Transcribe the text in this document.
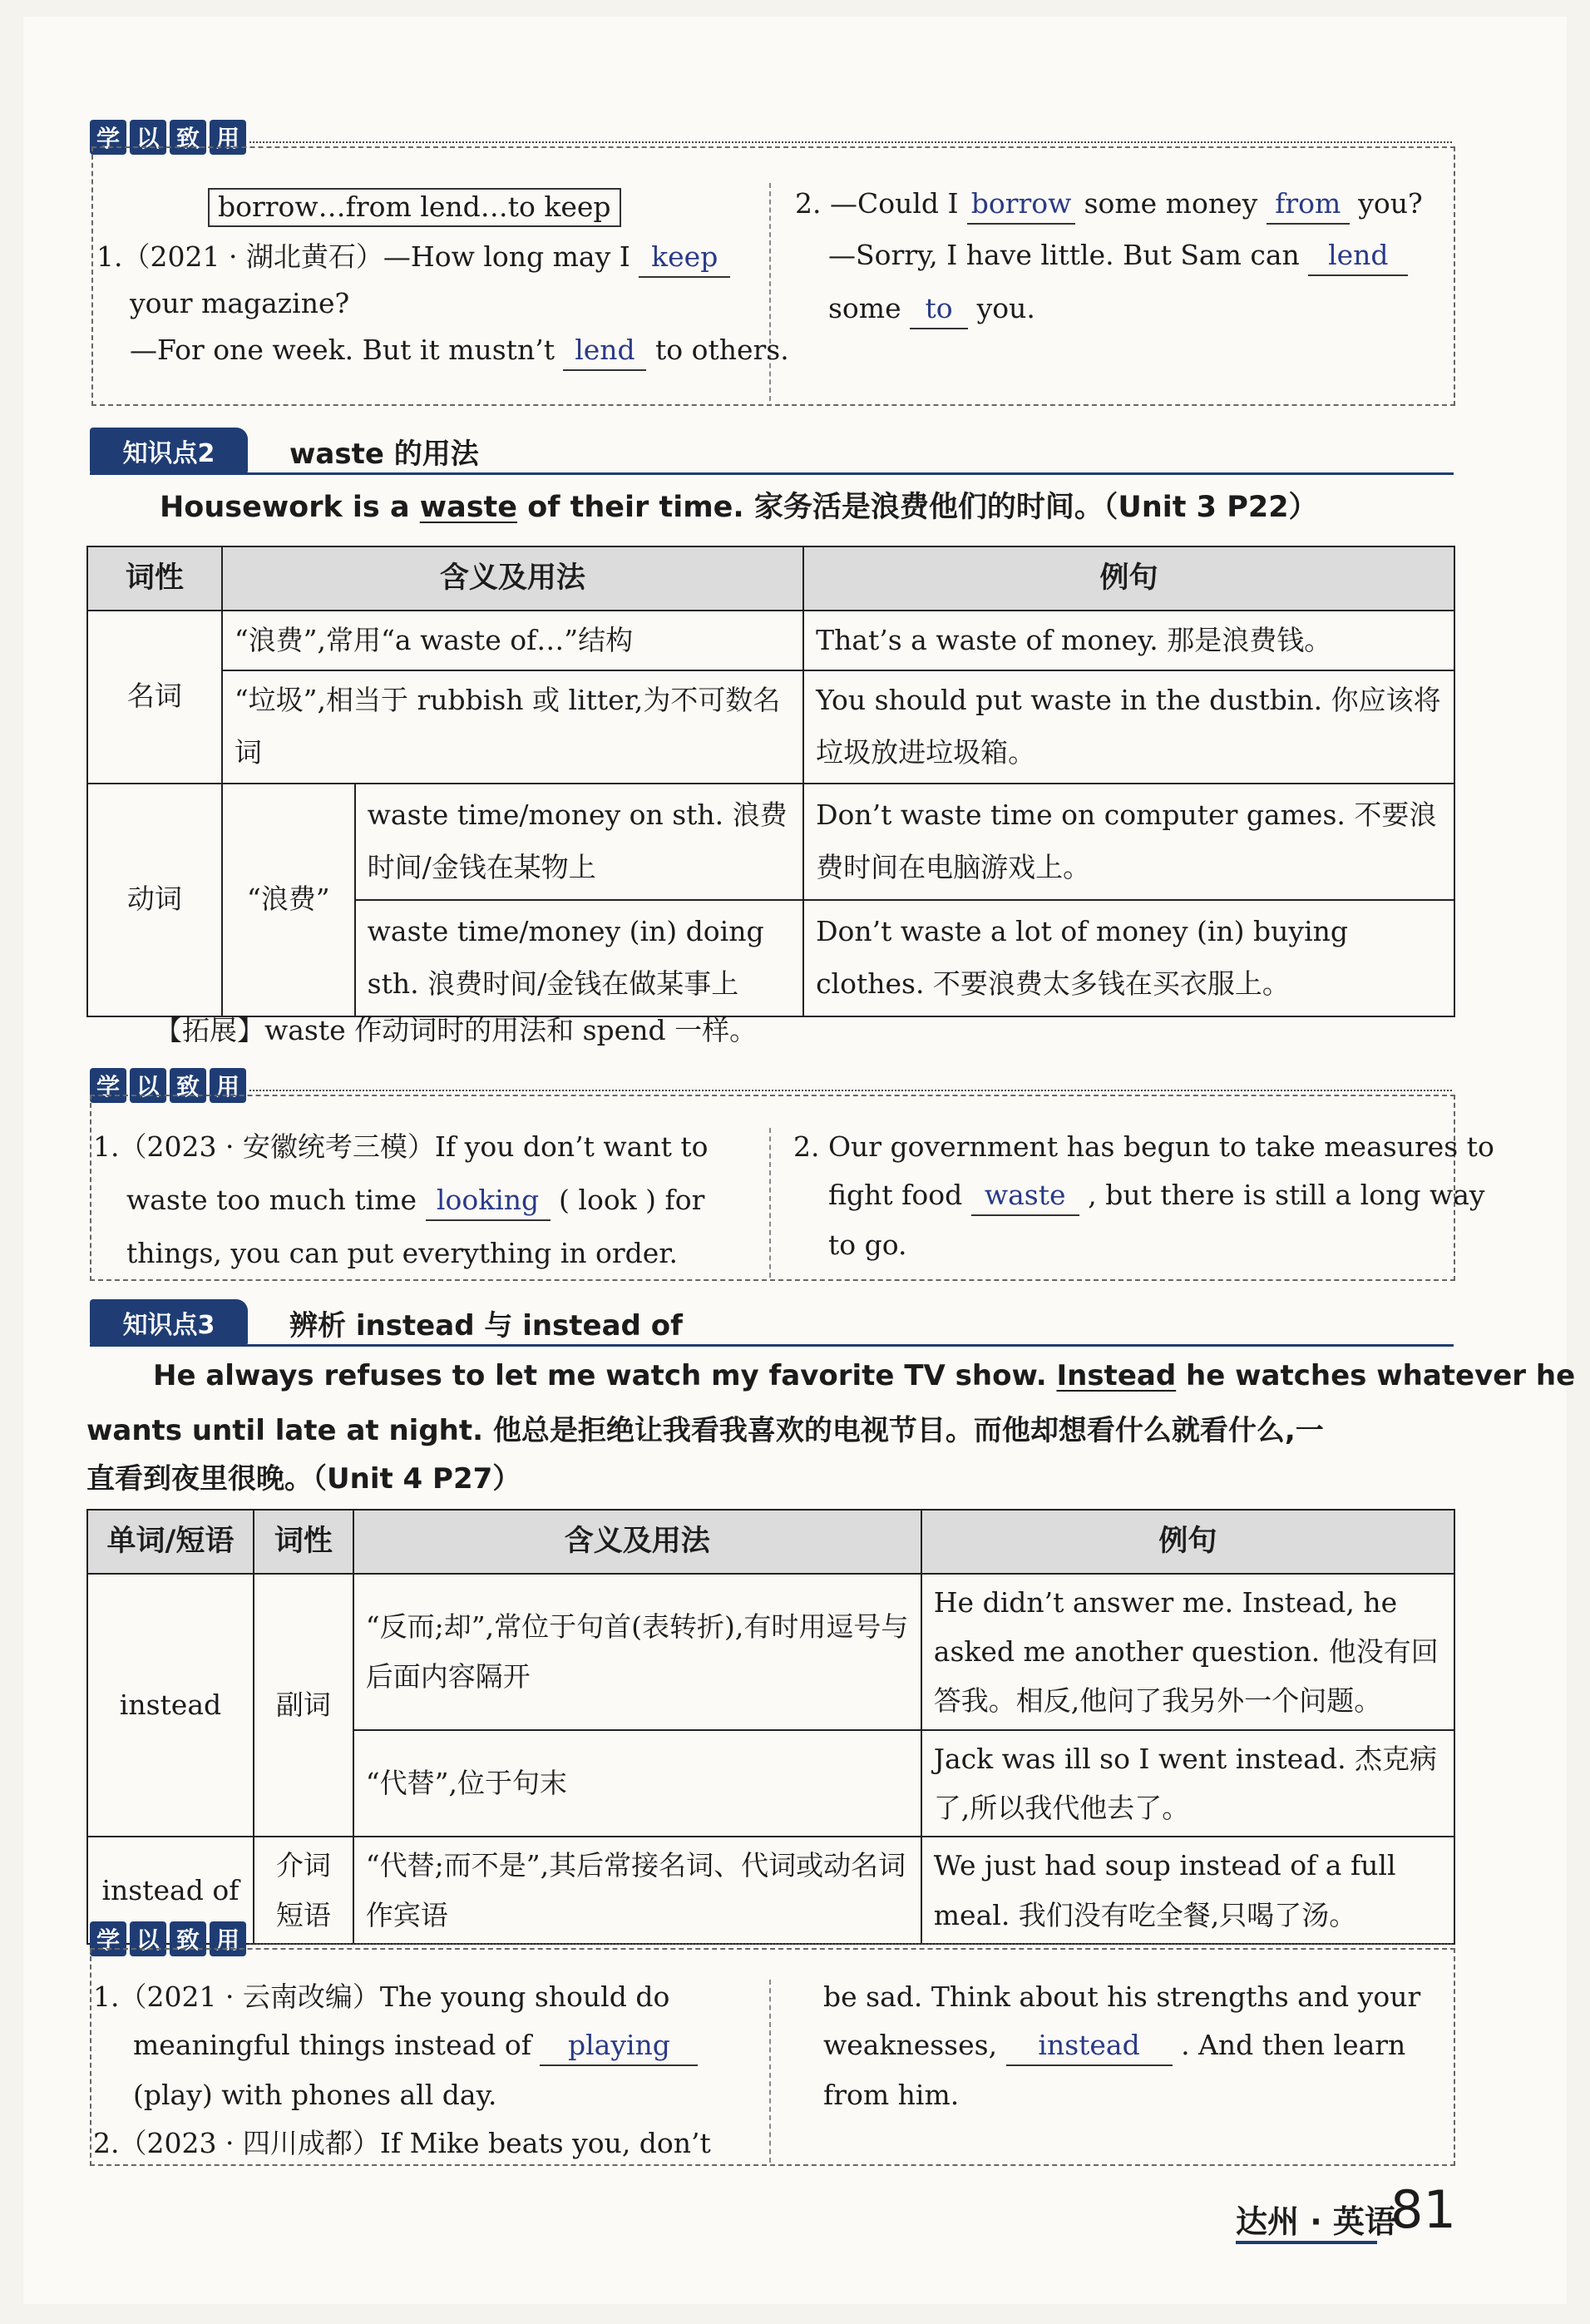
学 以 致 用
borrow…from lend…to keep
1.（2021 · 湖北黄石）—How long may I keep
your magazine?
—For one week. But it mustn’t lend to others.
2. —Could I borrow some money from you?
—Sorry, I have little. But Sam can lend
some to you.
知识点2	waste 的用法
Housework is a waste of their time. 家务活是浪费他们的时间。（Unit 3 P22）
词性	含义及用法		例句
名词	“浪费”,常用“a waste of…”结构		That’s a waste of money. 那是浪费钱。
	“垃圾”,相当于 rubbish 或 litter,为不可数名词		You should put waste in the dustbin. 你应该将垃圾放进垃圾箱。
动词	“浪费”	waste time/money on sth. 浪费时间/金钱在某物上	Don’t waste time on computer games. 不要浪费时间在电脑游戏上。
		waste time/money (in) doing sth. 浪费时间/金钱在做某事上	Don’t waste a lot of money (in) buying clothes. 不要浪费太多钱在买衣服上。
【拓展】waste 作动词时的用法和 spend 一样。
学 以 致 用
1.（2023 · 安徽统考三模）If you don’t want to
waste too much time looking ( look ) for
things, you can put everything in order.
2. Our government has begun to take measures to
fight food waste , but there is still a long way
to go.
知识点3	辨析 instead 与 instead of
He always refuses to let me watch my favorite TV show. Instead he watches whatever he
wants until late at night. 他总是拒绝让我看我喜欢的电视节目。而他却想看什么就看什么,一
直看到夜里很晚。（Unit 4 P27）
单词/短语	词性	含义及用法	例句
instead	副词	“反而;却”,常位于句首(表转折),有时用逗号与后面内容隔开	He didn’t answer me. Instead, he asked me another question. 他没有回答我。相反,他问了我另外一个问题。
		“代替”,位于句末	Jack was ill so I went instead. 杰克病了,所以我代他去了。
instead of	介词短语	“代替;而不是”,其后常接名词、代词或动名词作宾语	We just had soup instead of a full meal. 我们没有吃全餐,只喝了汤。
学 以 致 用
1.（2021 · 云南改编）The young should do
meaningful things instead of playing
(play) with phones all day.
2.（2023 · 四川成都）If Mike beats you, don’t
be sad. Think about his strengths and your
weaknesses, instead . And then learn
from him.
达州 · 英语
81
